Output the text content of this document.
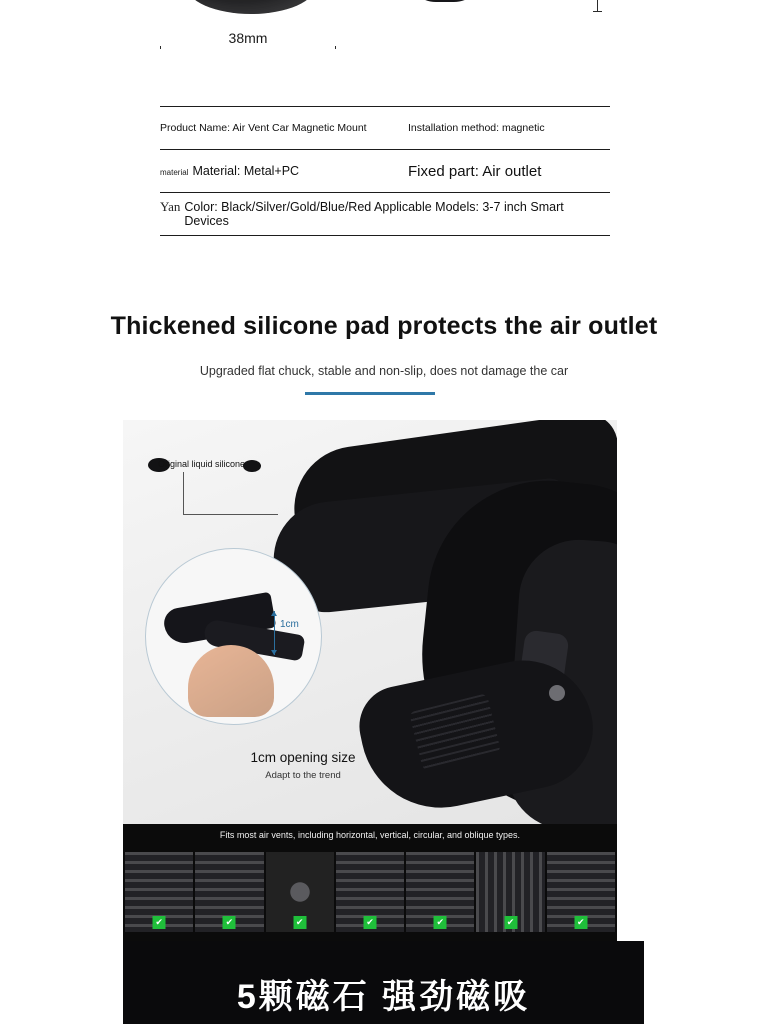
38mm
Product Name: Air Vent Car Magnetic Mount	Installation method: magnetic
material Material: Metal+PC	Fixed part: Air outlet
Yan Color: Black/Silver/Gold/Blue/Red Applicable Models: 3-7 inch Smart Devices
Thickened silicone pad protects the air outlet
Upgraded flat chuck, stable and non-slip, does not damage the car
Original liquid silicone
1cm
1cm opening size
Adapt to the trend
Fits most air vents, including horizontal, vertical, circular, and oblique types.
✔	✔	✔	✔	✔	✔	✔
5颗磁石 强劲磁吸
